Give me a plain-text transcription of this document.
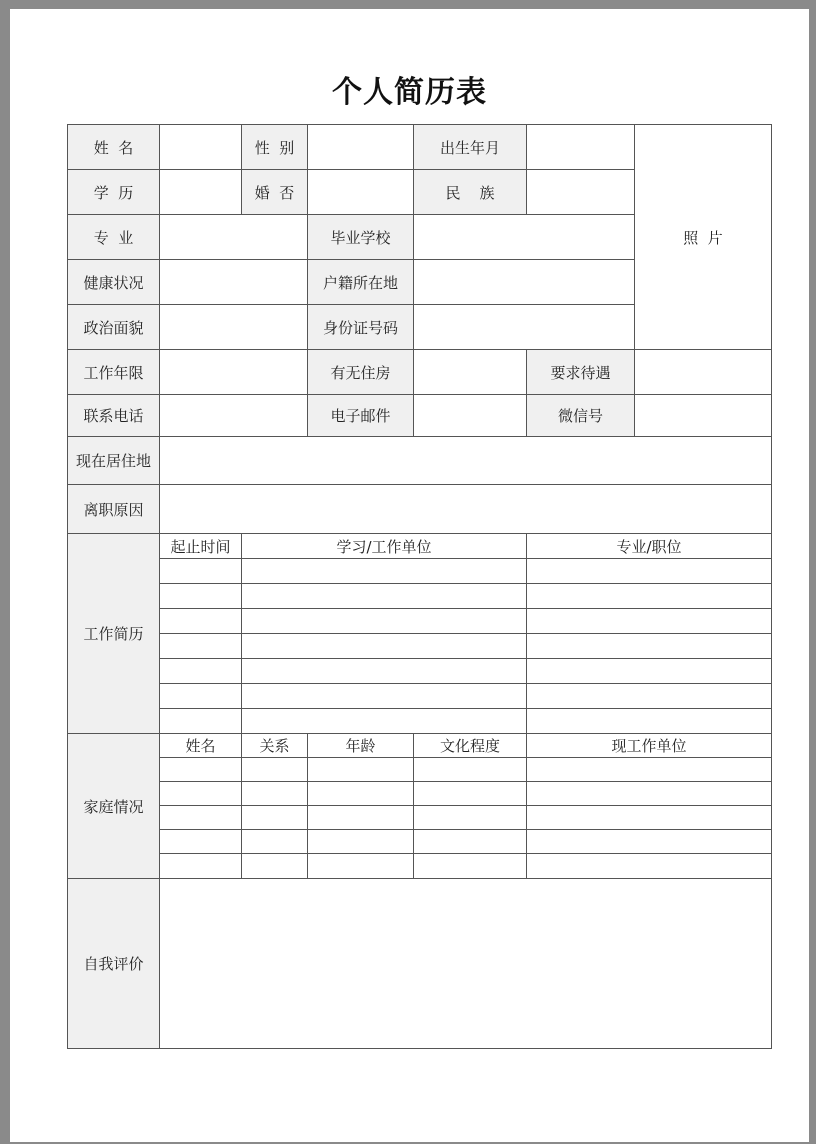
个人简历表
姓  名		性  别		出生年月		照  片
学  历		婚  否		民    族		
专  业			毕业学校			
健康状况			户籍所在地			
政治面貌			身份证号码			
工作年限			有无住房		要求待遇	
联系电话			电子邮件		微信号	
现在居住地						
离职原因						
工作简历	起止时间	学习/工作单位			专业/职位	

家庭情况	姓名	关系	年龄	文化程度	现工作单位	

自我评价						
